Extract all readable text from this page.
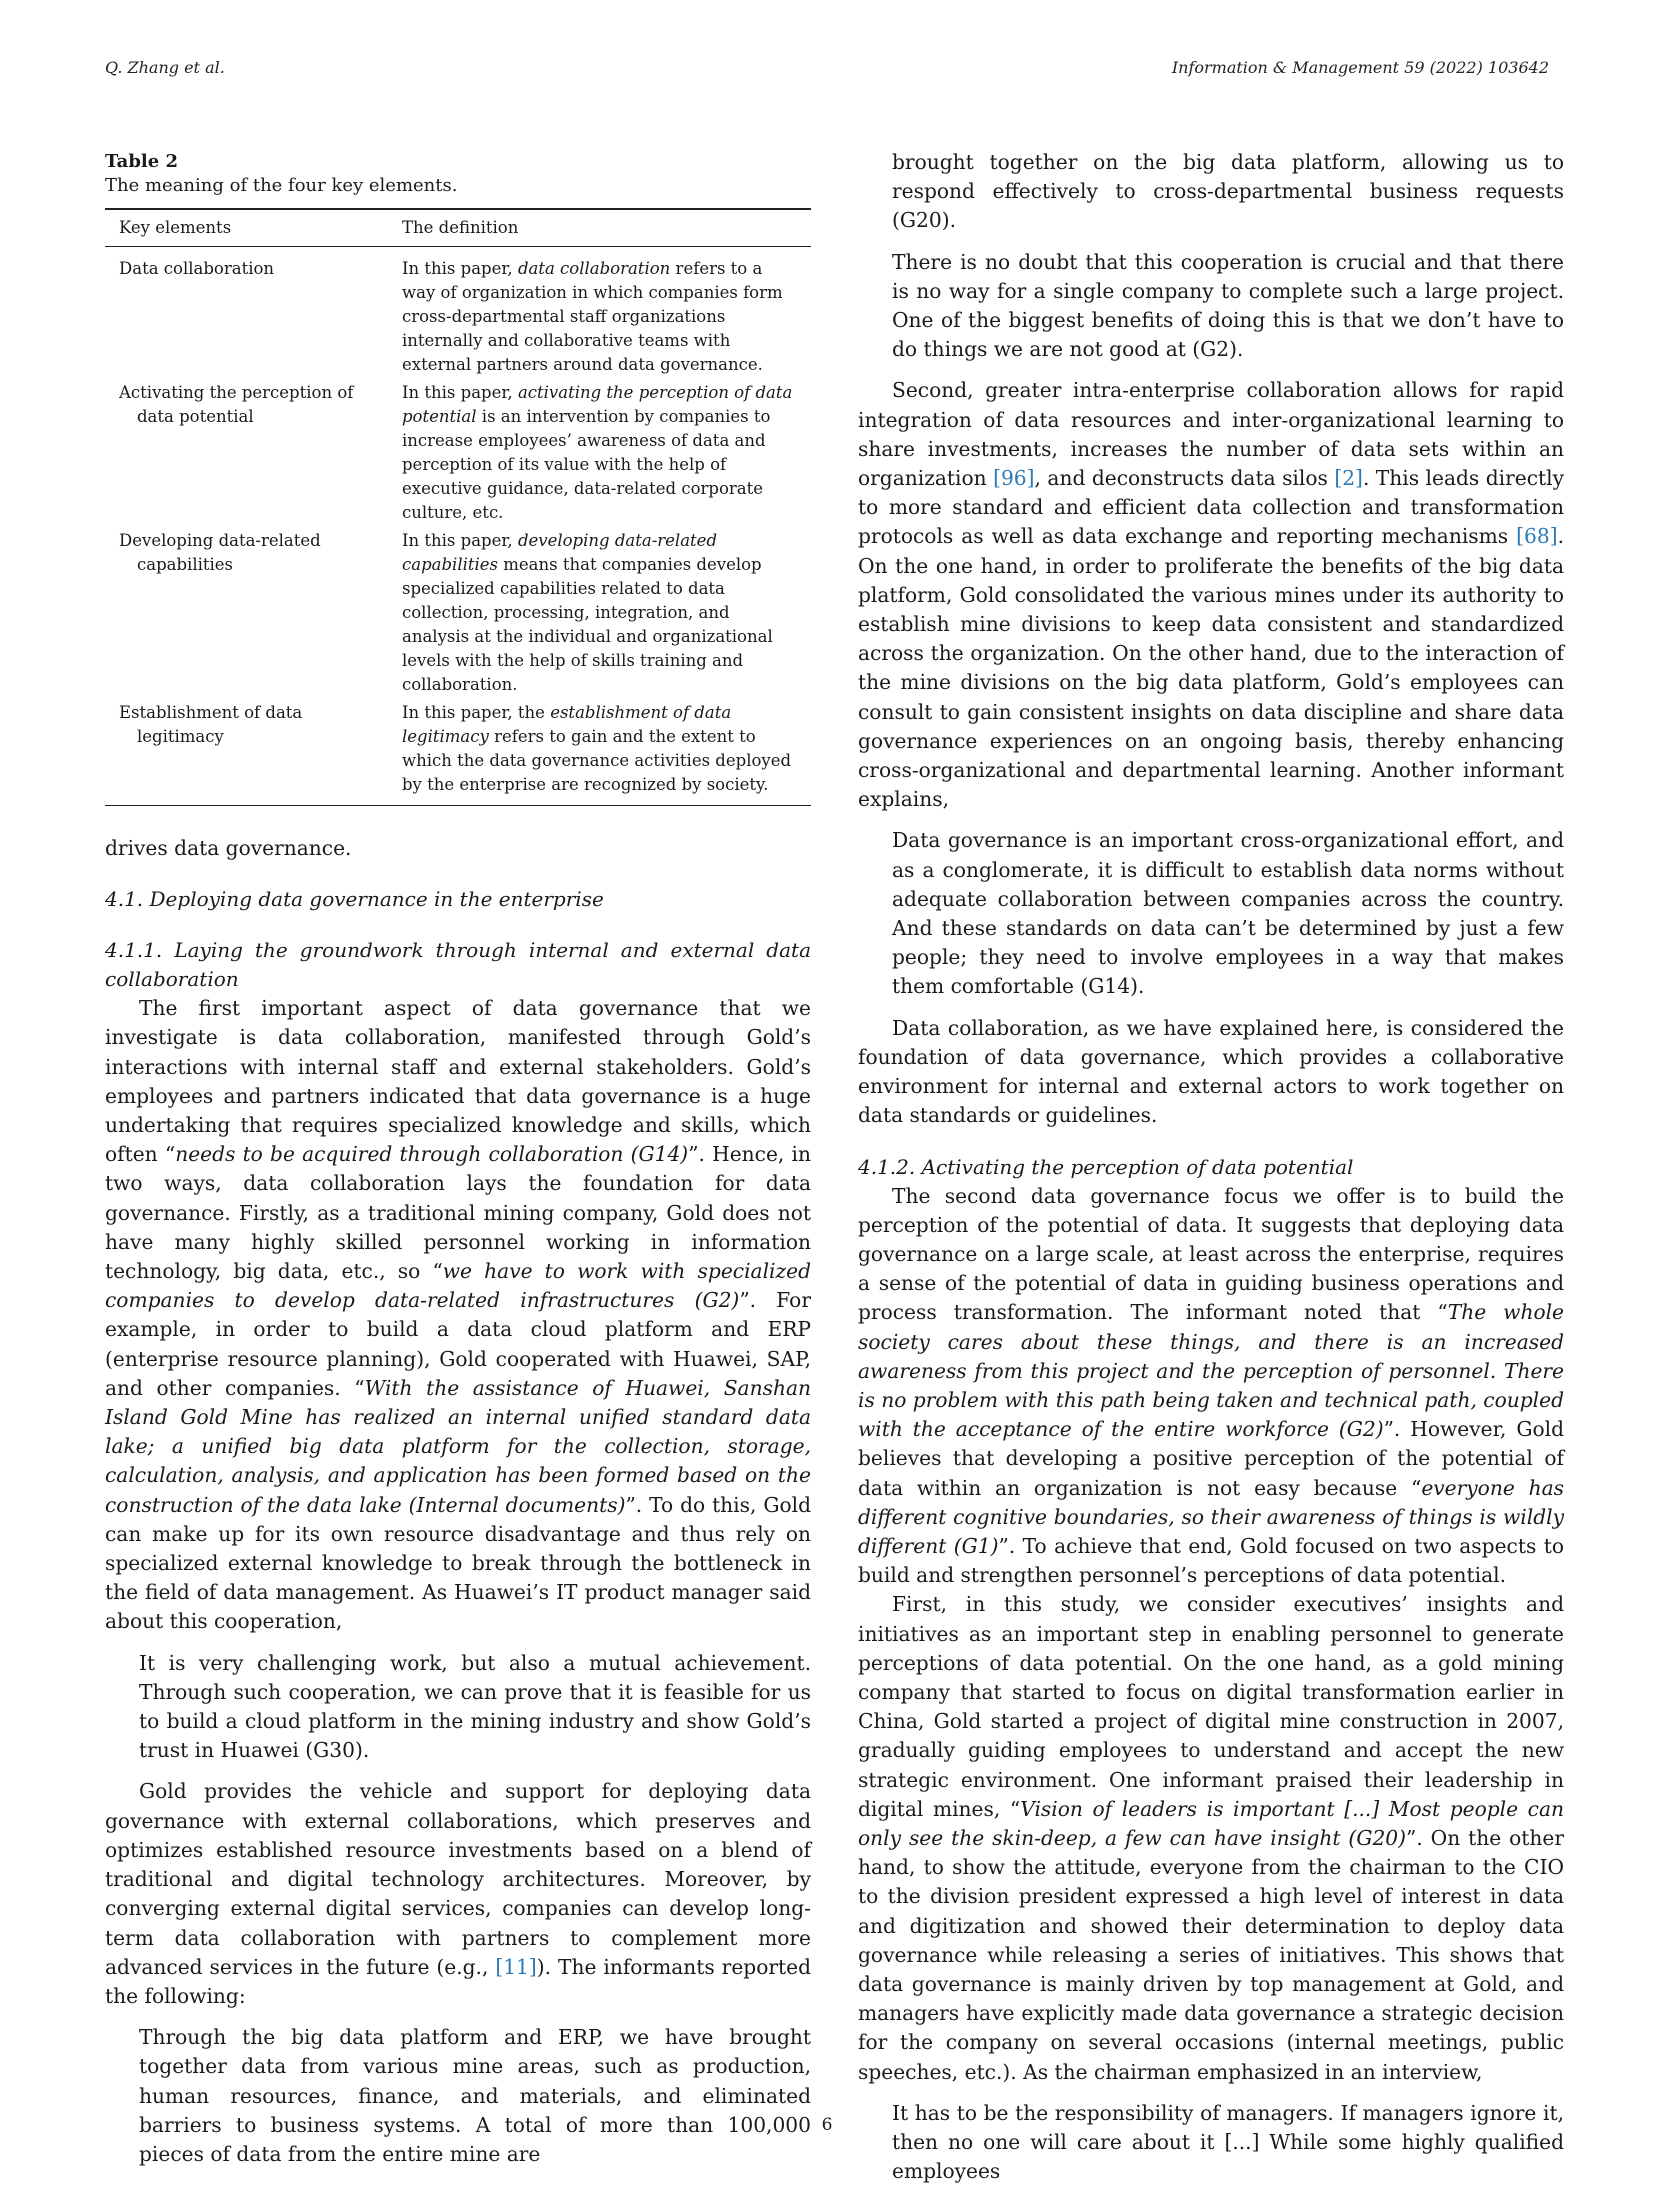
Q. Zhang et al.	Information & Management 59 (2022) 103642

Table 2

The meaning of the four key elements.

Key elements	The definition

Data collaboration	In this paper, data collaboration refers to a way of organization in which companies form cross-departmental staff organizations internally and collaborative teams with external partners around data governance.

Activating the perception of data potential	In this paper, activating the perception of data potential is an intervention by companies to increase employees’ awareness of data and perception of its value with the help of executive guidance, data-related corporate culture, etc.

Developing data-related capabilities	In this paper, developing data-related capabilities means that companies develop specialized capabilities related to data collection, processing, integration, and analysis at the individual and organizational levels with the help of skills training and collaboration.

Establishment of data legitimacy	In this paper, the establishment of data legitimacy refers to gain and the extent to which the data governance activities deployed by the enterprise are recognized by society.

drives data governance.

4.1. Deploying data governance in the enterprise

4.1.1. Laying the groundwork through internal and external data collaboration

The first important aspect of data governance that we investigate is data collaboration, manifested through Gold’s interactions with internal staff and external stakeholders. Gold’s employees and partners indicated that data governance is a huge undertaking that requires specialized knowledge and skills, which often “needs to be acquired through collaboration (G14)”. Hence, in two ways, data collaboration lays the foundation for data governance. Firstly, as a traditional mining company, Gold does not have many highly skilled personnel working in information technology, big data, etc., so “we have to work with specialized companies to develop data-related infrastructures (G2)”. For example, in order to build a data cloud platform and ERP (enterprise resource planning), Gold cooperated with Huawei, SAP, and other companies. “With the assistance of Huawei, Sanshan Island Gold Mine has realized an internal unified standard data lake; a unified big data platform for the collection, storage, calculation, analysis, and application has been formed based on the construction of the data lake (Internal documents)”. To do this, Gold can make up for its own resource disadvantage and thus rely on specialized external knowledge to break through the bottleneck in the field of data management. As Huawei’s IT product manager said about this cooperation,

It is very challenging work, but also a mutual achievement. Through such cooperation, we can prove that it is feasible for us to build a cloud platform in the mining industry and show Gold’s trust in Huawei (G30).

Gold provides the vehicle and support for deploying data governance with external collaborations, which preserves and optimizes established resource investments based on a blend of traditional and digital technology architectures. Moreover, by converging external digital services, companies can develop long-term data collaboration with partners to complement more advanced services in the future (e.g., [11]). The informants reported the following:

Through the big data platform and ERP, we have brought together data from various mine areas, such as production, human resources, finance, and materials, and eliminated barriers to business systems. A total of more than 100,000 pieces of data from the entire mine are

brought together on the big data platform, allowing us to respond effectively to cross-departmental business requests (G20).

There is no doubt that this cooperation is crucial and that there is no way for a single company to complete such a large project. One of the biggest benefits of doing this is that we don’t have to do things we are not good at (G2).

Second, greater intra-enterprise collaboration allows for rapid integration of data resources and inter-organizational learning to share investments, increases the number of data sets within an organization [96], and deconstructs data silos [2]. This leads directly to more standard and efficient data collection and transformation protocols as well as data exchange and reporting mechanisms [68]. On the one hand, in order to proliferate the benefits of the big data platform, Gold consolidated the various mines under its authority to establish mine divisions to keep data consistent and standardized across the organization. On the other hand, due to the interaction of the mine divisions on the big data platform, Gold’s employees can consult to gain consistent insights on data discipline and share data governance experiences on an ongoing basis, thereby enhancing cross-organizational and departmental learning. Another informant explains,

Data governance is an important cross-organizational effort, and as a conglomerate, it is difficult to establish data norms without adequate collaboration between companies across the country. And these standards on data can’t be determined by just a few people; they need to involve employees in a way that makes them comfortable (G14).

Data collaboration, as we have explained here, is considered the foundation of data governance, which provides a collaborative environment for internal and external actors to work together on data standards or guidelines.

4.1.2. Activating the perception of data potential

The second data governance focus we offer is to build the perception of the potential of data. It suggests that deploying data governance on a large scale, at least across the enterprise, requires a sense of the potential of data in guiding business operations and process transformation. The informant noted that “The whole society cares about these things, and there is an increased awareness from this project and the perception of personnel. There is no problem with this path being taken and technical path, coupled with the acceptance of the entire workforce (G2)”. However, Gold believes that developing a positive perception of the potential of data within an organization is not easy because “everyone has different cognitive boundaries, so their awareness of things is wildly different (G1)”. To achieve that end, Gold focused on two aspects to build and strengthen personnel’s perceptions of data potential.

First, in this study, we consider executives’ insights and initiatives as an important step in enabling personnel to generate perceptions of data potential. On the one hand, as a gold mining company that started to focus on digital transformation earlier in China, Gold started a project of digital mine construction in 2007, gradually guiding employees to understand and accept the new strategic environment. One informant praised their leadership in digital mines, “Vision of leaders is important [...] Most people can only see the skin-deep, a few can have insight (G20)”. On the other hand, to show the attitude, everyone from the chairman to the CIO to the division president expressed a high level of interest in data and digitization and showed their determination to deploy data governance while releasing a series of initiatives. This shows that data governance is mainly driven by top management at Gold, and managers have explicitly made data governance a strategic decision for the company on several occasions (internal meetings, public speeches, etc.). As the chairman emphasized in an interview,

It has to be the responsibility of managers. If managers ignore it, then no one will care about it [...] While some highly qualified employees

6
